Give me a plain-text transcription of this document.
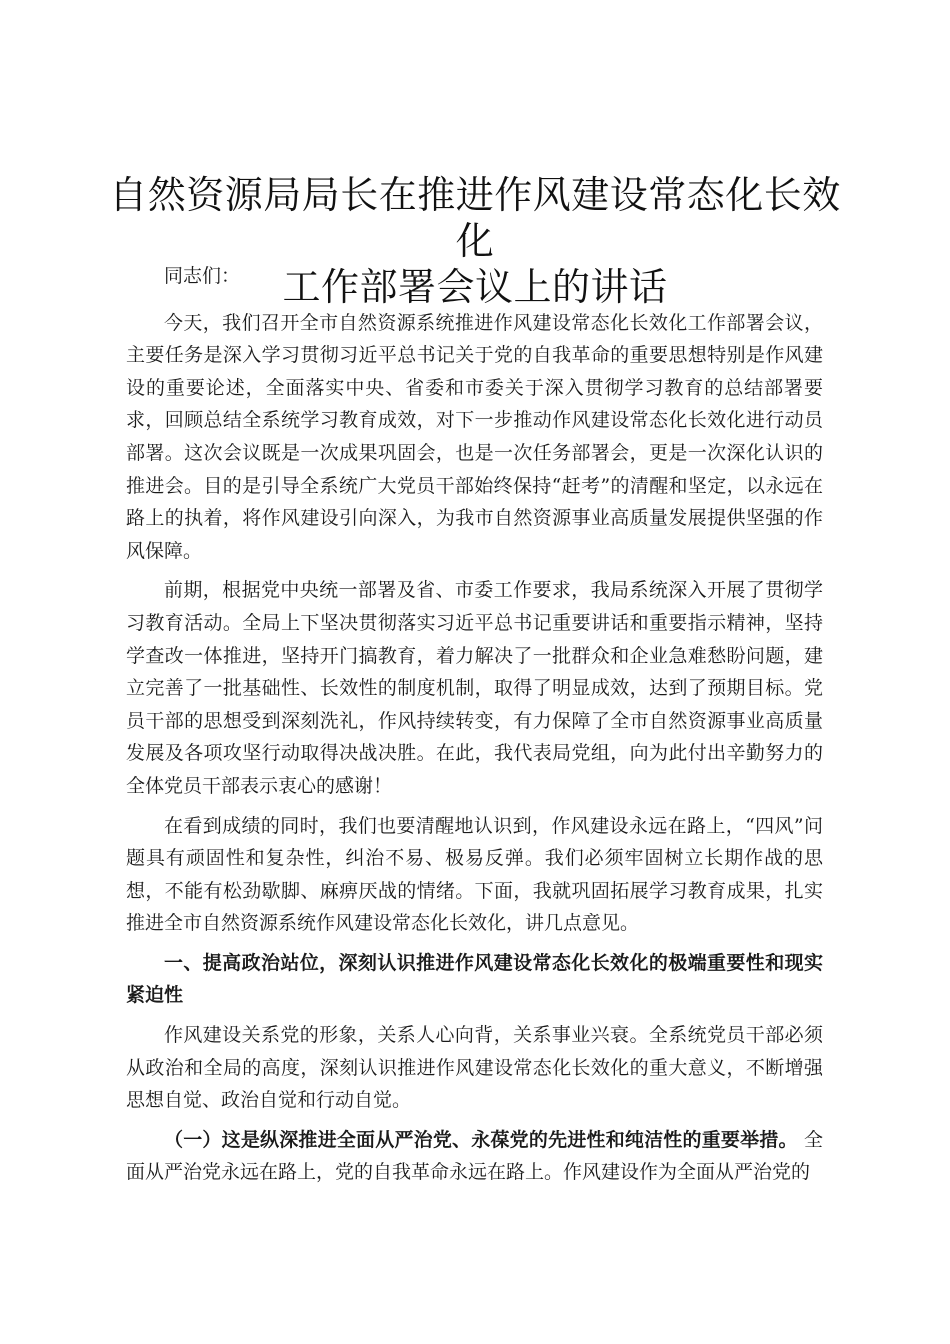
自然资源局局长在推进作风建设常态化长效化
工作部署会议上的讲话

同志们：

今天，我们召开全市自然资源系统推进作风建设常态化长效化工作部署会议，主要任务是深入学习贯彻习近平总书记关于党的自我革命的重要思想特别是作风建设的重要论述，全面落实中央、省委和市委关于深入贯彻学习教育的总结部署要求，回顾总结全系统学习教育成效，对下一步推动作风建设常态化长效化进行动员部署。这次会议既是一次成果巩固会，也是一次任务部署会，更是一次深化认识的推进会。目的是引导全系统广大党员干部始终保持“赶考”的清醒和坚定，以永远在路上的执着，将作风建设引向深入，为我市自然资源事业高质量发展提供坚强的作风保障。

前期，根据党中央统一部署及省、市委工作要求，我局系统深入开展了贯彻学习教育活动。全局上下坚决贯彻落实习近平总书记重要讲话和重要指示精神，坚持学查改一体推进，坚持开门搞教育，着力解决了一批群众和企业急难愁盼问题，建立完善了一批基础性、长效性的制度机制，取得了明显成效，达到了预期目标。党员干部的思想受到深刻洗礼，作风持续转变，有力保障了全市自然资源事业高质量发展及各项攻坚行动取得决战决胜。在此，我代表局党组，向为此付出辛勤努力的全体党员干部表示衷心的感谢！

在看到成绩的同时，我们也要清醒地认识到，作风建设永远在路上，“四风”问题具有顽固性和复杂性，纠治不易、极易反弹。我们必须牢固树立长期作战的思想，不能有松劲歇脚、麻痹厌战的情绪。下面，我就巩固拓展学习教育成果，扎实推进全市自然资源系统作风建设常态化长效化，讲几点意见。

一、提高政治站位，深刻认识推进作风建设常态化长效化的极端重要性和现实紧迫性

作风建设关系党的形象，关系人心向背，关系事业兴衰。全系统党员干部必须从政治和全局的高度，深刻认识推进作风建设常态化长效化的重大意义，不断增强思想自觉、政治自觉和行动自觉。

（一）这是纵深推进全面从严治党、永葆党的先进性和纯洁性的重要举措。 全面从严治党永远在路上，党的自我革命永远在路上。作风建设作为全面从严治党的
